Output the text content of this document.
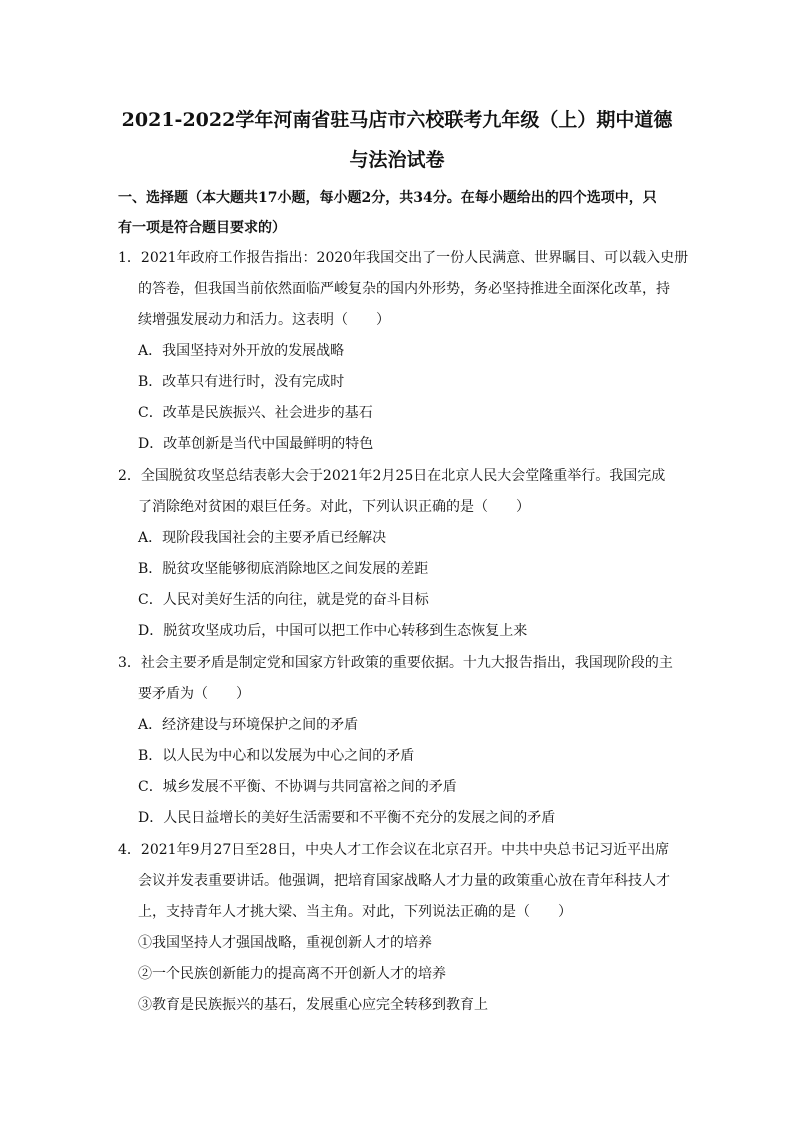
2021-2022学年河南省驻马店市六校联考九年级（上）期中道德
与法治试卷
一、选择题（本大题共17小题，每小题2分，共34分。在每小题给出的四个选项中，只
有一项是符合题目要求的）
1．2021年政府工作报告指出：2020年我国交出了一份人民满意、世界瞩目、可以载入史册
的答卷，但我国当前依然面临严峻复杂的国内外形势，务必坚持推进全面深化改革，持
续增强发展动力和活力。这表明（　　）
A．我国坚持对外开放的发展战略
B．改革只有进行时，没有完成时
C．改革是民族振兴、社会进步的基石
D．改革创新是当代中国最鲜明的特色
2．全国脱贫攻坚总结表彰大会于2021年2月25日在北京人民大会堂隆重举行。我国完成
了消除绝对贫困的艰巨任务。对此，下列认识正确的是（　　）
A．现阶段我国社会的主要矛盾已经解决
B．脱贫攻坚能够彻底消除地区之间发展的差距
C．人民对美好生活的向往，就是党的奋斗目标
D．脱贫攻坚成功后，中国可以把工作中心转移到生态恢复上来
3．社会主要矛盾是制定党和国家方针政策的重要依据。十九大报告指出，我国现阶段的主
要矛盾为（　　）
A．经济建设与环境保护之间的矛盾
B．以人民为中心和以发展为中心之间的矛盾
C．城乡发展不平衡、不协调与共同富裕之间的矛盾
D．人民日益增长的美好生活需要和不平衡不充分的发展之间的矛盾
4．2021年9月27日至28日，中央人才工作会议在北京召开。中共中央总书记习近平出席
会议并发表重要讲话。他强调，把培育国家战略人才力量的政策重心放在青年科技人才
上，支持青年人才挑大梁、当主角。对此，下列说法正确的是（　　）
①我国坚持人才强国战略，重视创新人才的培养
②一个民族创新能力的提高离不开创新人才的培养
③教育是民族振兴的基石，发展重心应完全转移到教育上
